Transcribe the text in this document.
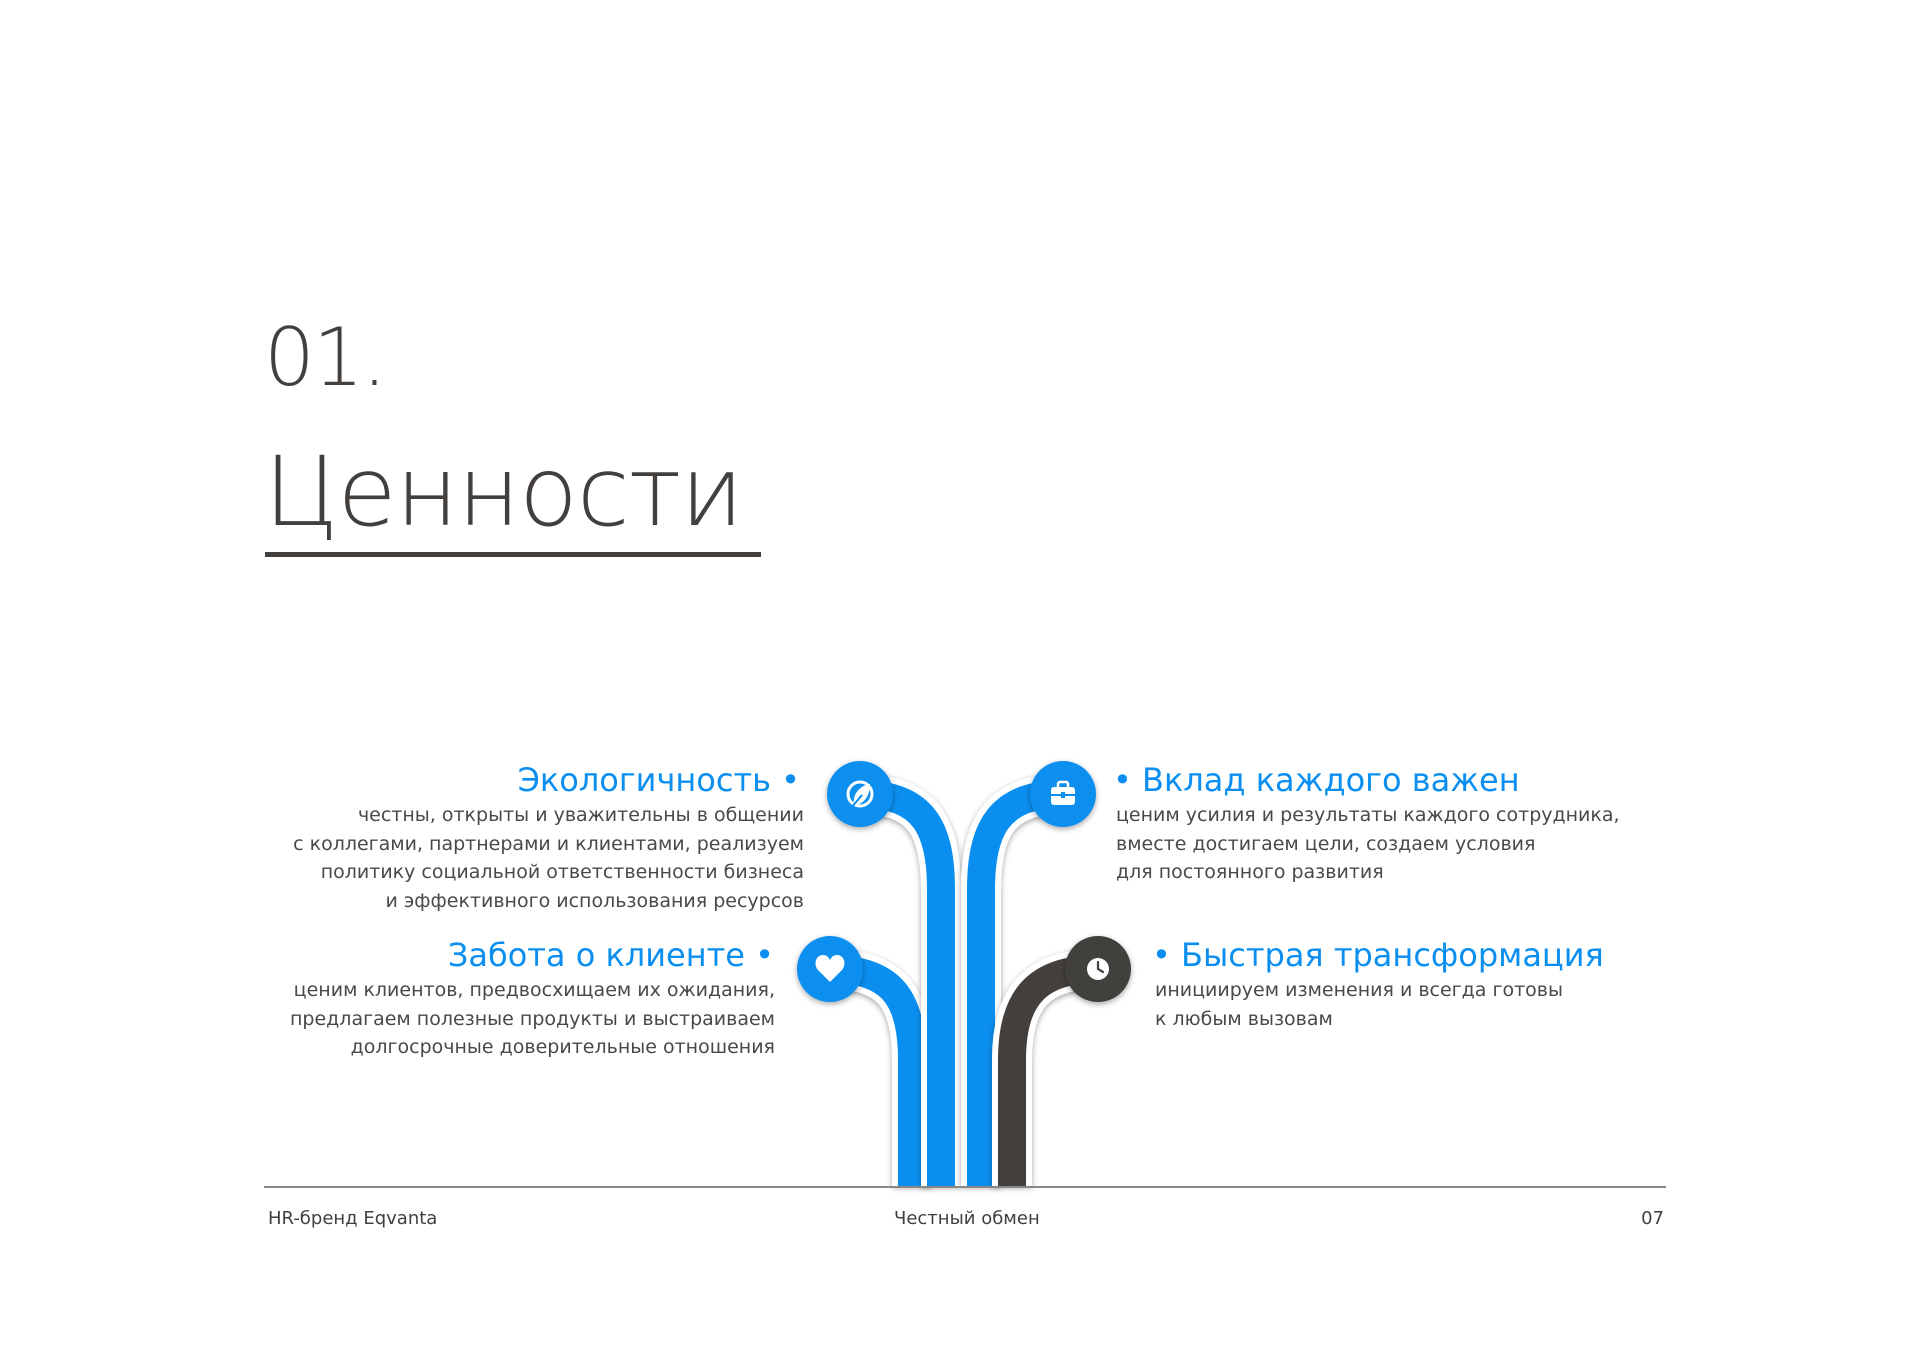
01.
Ценности
Экологичность •
честны, открыты и уважительны в общении
с коллегами, партнерами и клиентами, реализуем
политику социальной ответственности бизнеса
и эффективного использования ресурсов
• Вклад каждого важен
ценим усилия и результаты каждого сотрудника,
вместе достигаем цели, создаем условия
для постоянного развития
Забота о клиенте •
ценим клиентов, предвосхищаем их ожидания,
предлагаем полезные продукты и выстраиваем
долгосрочные доверительные отношения
• Быстрая трансформация
инициируем изменения и всегда готовы
к любым вызовам
HR-бренд Eqvanta	Честный обмен	07
